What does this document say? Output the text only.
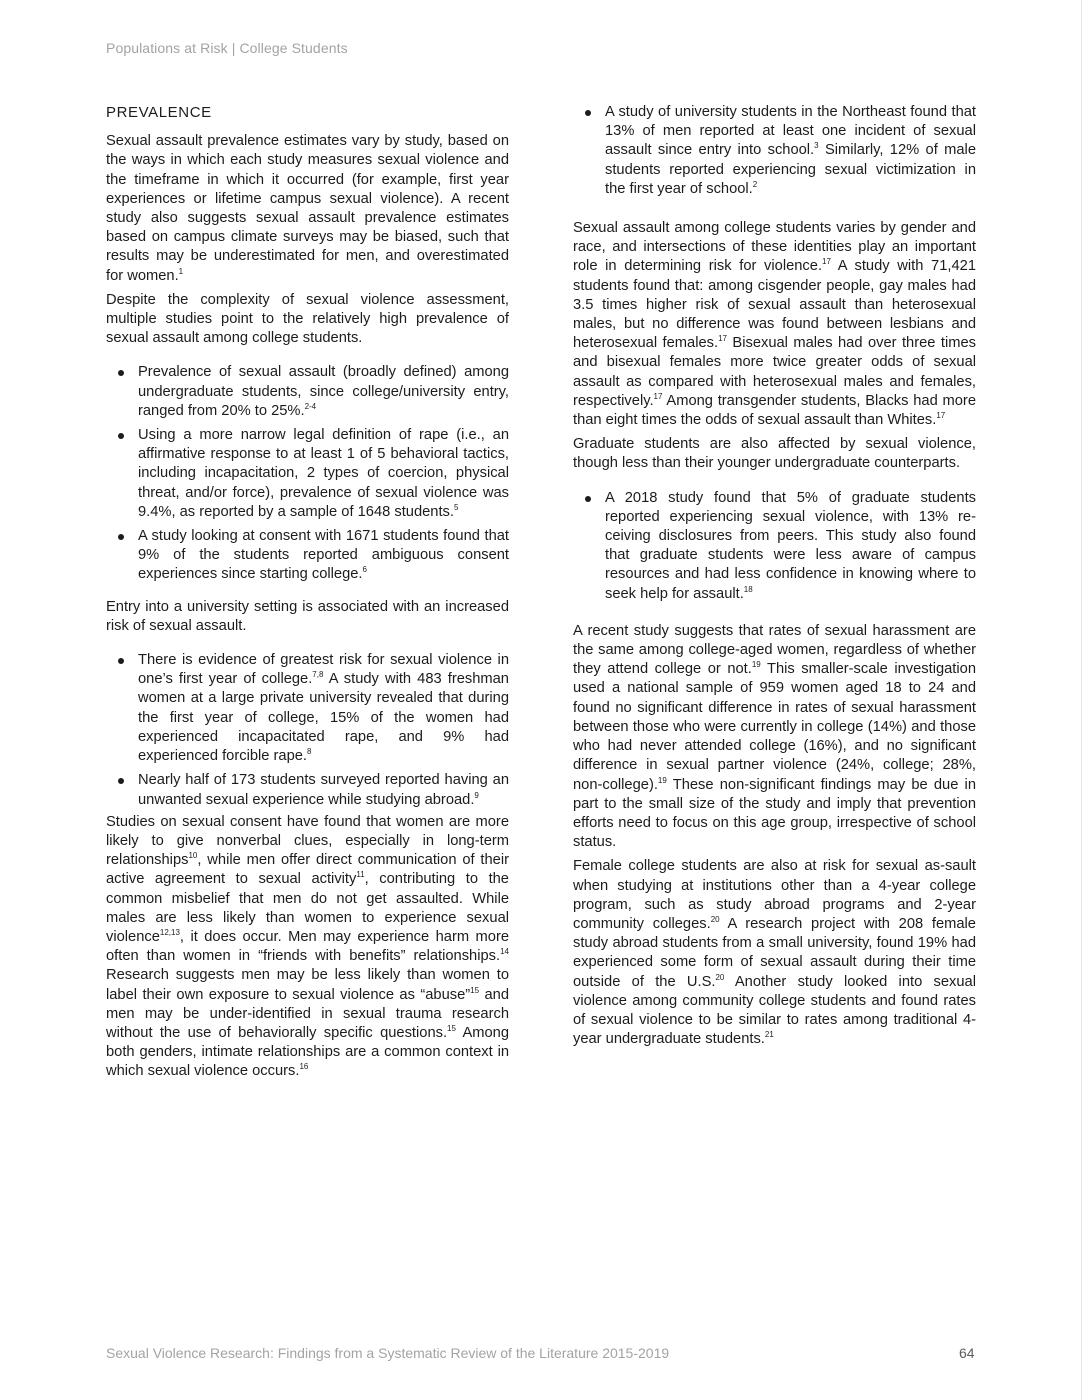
Populations at Risk | College Students
PREVALENCE

Sexual assault prevalence estimates vary by study, based on the ways in which each study measures sexual violence and the timeframe in which it occurred (for example, first year experiences or lifetime campus sexual violence). A recent study also suggests sexual assault prevalence estimates based on campus climate surveys may be biased, such that results may be underestimated for men, and overestimated for women.$^1$

Despite the complexity of sexual violence assessment, multiple studies point to the relatively high prevalence of sexual assault among college students.

Prevalence of sexual assault (broadly defined) among undergraduate students, since college/university entry, ranged from 20% to 25%.$^{2-4}$
Using a more narrow legal definition of rape (i.e., an affirmative response to at least 1 of 5 behavioral tactics, including incapacitation, 2 types of coercion, physical threat, and/or force), prevalence of sexual violence was 9.4%, as reported by a sample of 1648 students.$^5$
A study looking at consent with 1671 students found that 9% of the students reported ambiguous consent experiences since starting college.$^6$

Entry into a university setting is associated with an increased risk of sexual assault.

There is evidence of greatest risk for sexual violence in one’s first year of college.$^{7,8}$ A study with 483 freshman women at a large private university revealed that during the first year of college, 15% of the women had experienced incapacitated rape, and 9% had experienced forcible rape.$^8$
Nearly half of 173 students surveyed reported having an unwanted sexual experience while studying abroad.$^9$

Studies on sexual consent have found that women are more likely to give nonverbal clues, especially in long-term relationships$^{10}$, while men offer direct communication of their active agreement to sexual activity$^{11}$, contributing to the common misbelief that men do not get assaulted. While males are less likely than women to experience sexual violence$^{12,13}$, it does occur. Men may experience harm more often than women in “friends with benefits” relationships.$^{14}$ Research suggests men may be less likely than women to label their own exposure to sexual violence as “abuse”$^{15}$ and men may be under-identified in sexual trauma research without the use of behaviorally specific questions.$^{15}$ Among both genders, intimate relationships are a common context in which sexual violence occurs.$^{16}$

A study of university students in the Northeast found that 13% of men reported at least one incident of sexual assault since entry into school.$^3$ Similarly, 12% of male students reported experiencing sexual victimization in the first year of school.$^2$

Sexual assault among college students varies by gender and race, and intersections of these identities play an important role in determining risk for violence.$^{17}$ A study with 71,421 students found that: among cisgender people, gay males had 3.5 times higher risk of sexual assault than heterosexual males, but no difference was found between lesbians and heterosexual females.$^{17}$ Bisexual males had over three times and bisexual females more twice greater odds of sexual assault as compared with heterosexual males and females, respectively.$^{17}$ Among transgender students, Blacks had more than eight times the odds of sexual assault than Whites.$^{17}$

Graduate students are also affected by sexual violence, though less than their younger undergraduate counterparts.

A 2018 study found that 5% of graduate students reported experiencing sexual violence, with 13% re-ceiving disclosures from peers. This study also found that graduate students were less aware of campus resources and had less confidence in knowing where to seek help for assault.$^{18}$

A recent study suggests that rates of sexual harassment are the same among college-aged women, regardless of whether they attend college or not.$^{19}$ This smaller-scale investigation used a national sample of 959 women aged 18 to 24 and found no significant difference in rates of sexual harassment between those who were currently in college (14%) and those who had never attended college (16%), and no significant difference in sexual partner violence (24%, college; 28%, non-college).$^{19}$ These non-significant findings may be due in part to the small size of the study and imply that prevention efforts need to focus on this age group, irrespective of school status.

Female college students are also at risk for sexual as-sault when studying at institutions other than a 4-year college program, such as study abroad programs and 2-year community colleges.$^{20}$ A research project with 208 female study abroad students from a small university, found 19% had experienced some form of sexual assault during their time outside of the U.S.$^{20}$ Another study looked into sexual violence among community college students and found rates of sexual violence to be similar to rates among traditional 4-year undergraduate students.$^{21}$

Sexual Violence Research: Findings from a Systematic Review of the Literature 2015-2019	64
